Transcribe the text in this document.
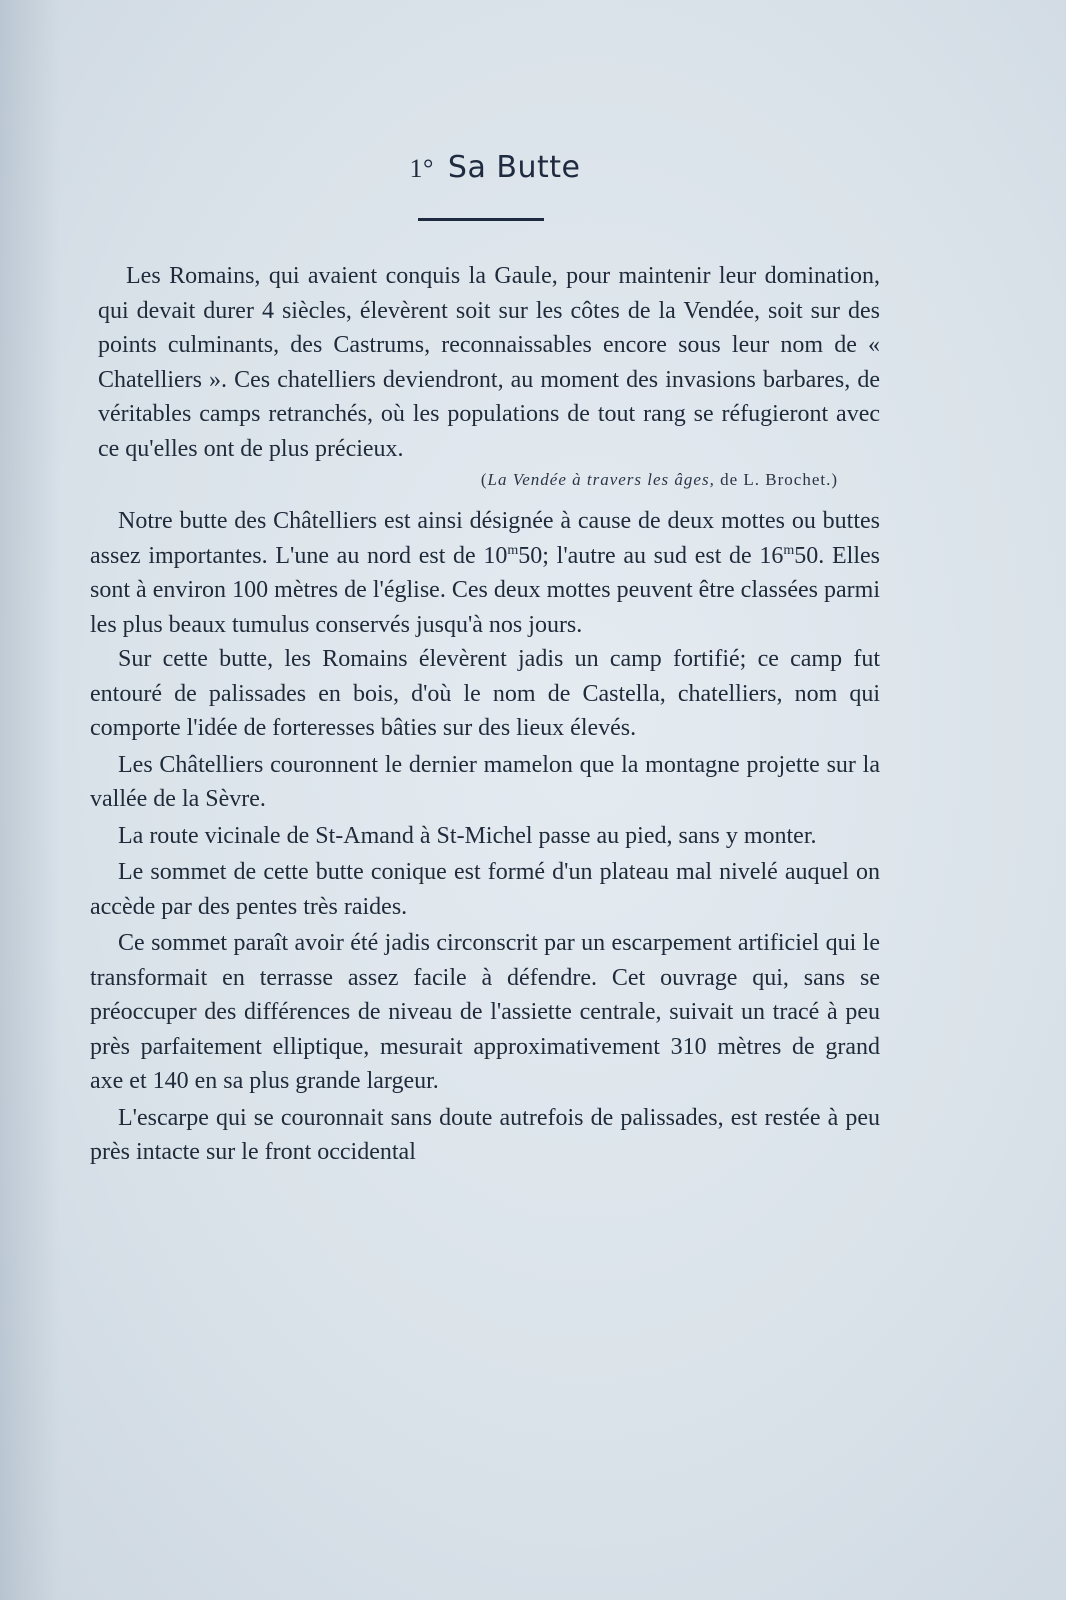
1° Sa Butte

Les Romains, qui avaient conquis la Gaule, pour maintenir leur domination, qui devait durer 4 siècles, élevèrent soit sur les côtes de la Vendée, soit sur des points culminants, des Castrums, reconnaissables encore sous leur nom de « Chatelliers ». Ces chatelliers deviendront, au moment des invasions barbares, de véritables camps retranchés, où les populations de tout rang se réfugieront avec ce qu'elles ont de plus précieux.

(La Vendée à travers les âges, de L. Brochet.)

Notre butte des Châtelliers est ainsi désignée à cause de deux mottes ou buttes assez importantes. L'une au nord est de 10$^m$50; l'autre au sud est de 16$^m$50. Elles sont à environ 100 mètres de l'église. Ces deux mottes peuvent être classées parmi les plus beaux tumulus conservés jusqu'à nos jours.

Sur cette butte, les Romains élevèrent jadis un camp fortifié; ce camp fut entouré de palissades en bois, d'où le nom de Castella, chatelliers, nom qui comporte l'idée de forteresses bâties sur des lieux élevés.

Les Châtelliers couronnent le dernier mamelon que la montagne projette sur la vallée de la Sèvre.

La route vicinale de St-Amand à St-Michel passe au pied, sans y monter.

Le sommet de cette butte conique est formé d'un plateau mal nivelé auquel on accède par des pentes très raides.

Ce sommet paraît avoir été jadis circonscrit par un escarpement artificiel qui le transformait en terrasse assez facile à défendre. Cet ouvrage qui, sans se préoccuper des différences de niveau de l'assiette centrale, suivait un tracé à peu près parfaitement elliptique, mesurait approximativement 310 mètres de grand axe et 140 en sa plus grande largeur.

L'escarpe qui se couronnait sans doute autrefois de palissades, est restée à peu près intacte sur le front occidental
